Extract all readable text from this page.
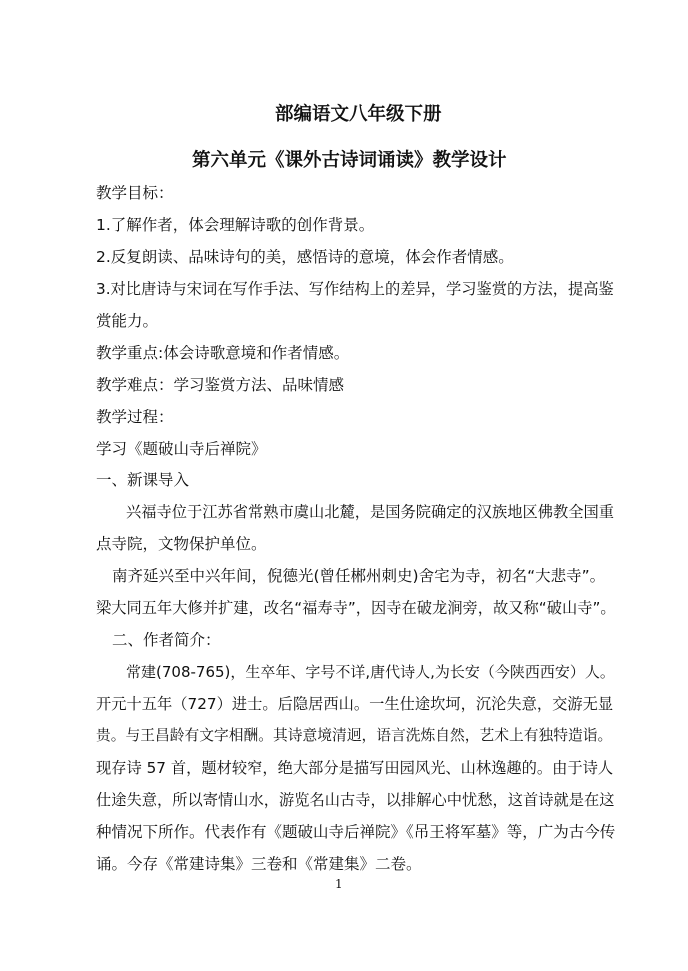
部编语文八年级下册
第六单元《课外古诗词诵读》教学设计
教学目标：
1.了解作者，体会理解诗歌的创作背景。
2.反复朗读、品味诗句的美，感悟诗的意境，体会作者情感。
3.对比唐诗与宋词在写作手法、写作结构上的差异，学习鉴赏的方法，提高鉴
赏能力。
教学重点:体会诗歌意境和作者情感。
教学难点：学习鉴赏方法、品味情感
教学过程：
学习《题破山寺后禅院》
一、新课导入
兴福寺位于江苏省常熟市虞山北麓，是国务院确定的汉族地区佛教全国重
点寺院，文物保护单位。
南齐延兴至中兴年间，倪德光(曾任郴州刺史)舍宅为寺，初名“大悲寺”。
梁大同五年大修并扩建，改名“福寿寺”，因寺在破龙涧旁，故又称“破山寺”。
二、作者简介：
常建(708-765)，生卒年、字号不详,唐代诗人,为长安（今陕西西安）人。
开元十五年（727）进士。后隐居西山。一生仕途坎坷，沉沦失意，交游无显
贵。与王昌龄有文字相酬。其诗意境清迥，语言洗炼自然，艺术上有独特造诣。
现存诗 57 首，题材较窄，绝大部分是描写田园风光、山林逸趣的。由于诗人
仕途失意，所以寄情山水，游览名山古寺，以排解心中忧愁，这首诗就是在这
种情况下所作。代表作有《题破山寺后禅院》《吊王将军墓》等，广为古今传
诵。今存《常建诗集》三卷和《常建集》二卷。
1
